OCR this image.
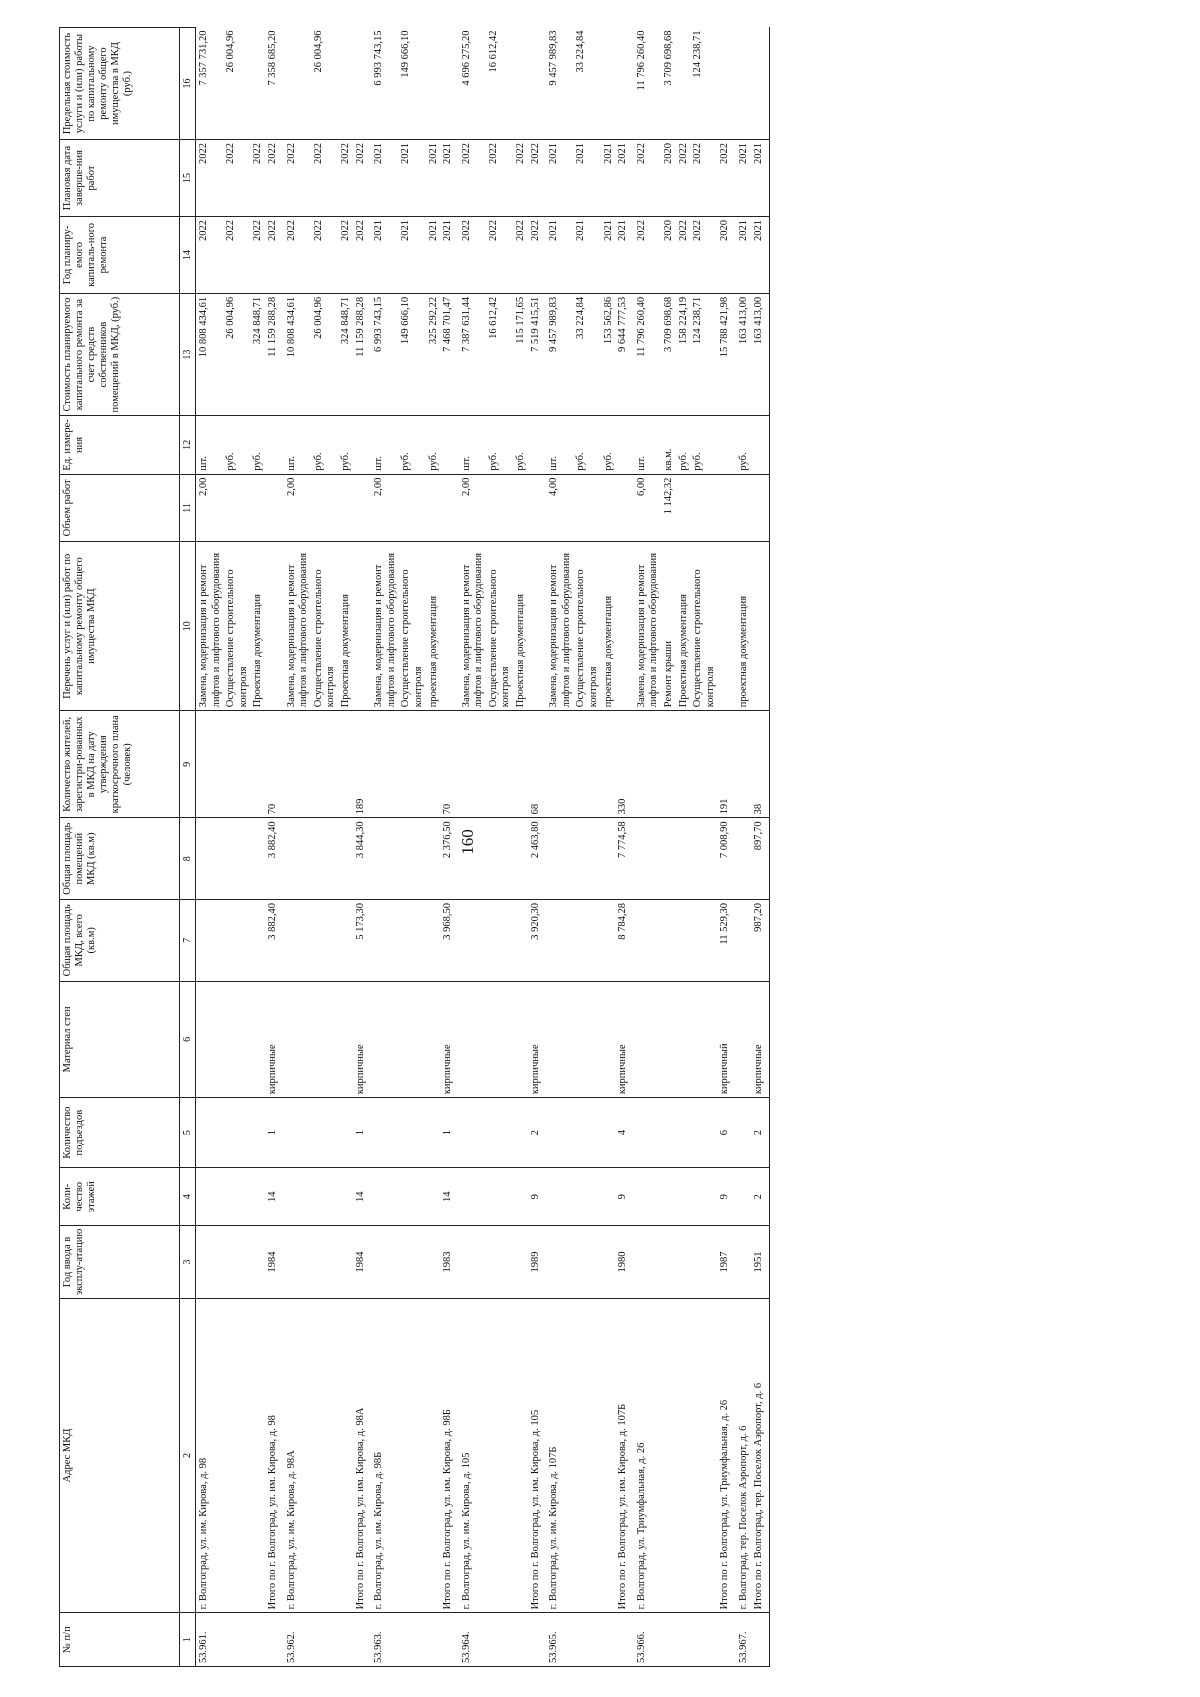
160
№ п/п	Адрес МКД	Год ввода в эксплу-атацию	Коли-чество этажей	Количество подъездов	Материал стен	Общая площадь МКД, всего (кв.м)	Общая площадь помещений МКД (кв.м)	Количество жителей, зарегистри-рованных в МКД на дату утверждения краткосрочного плана (человек)	Перечень услуг и (или) работ по капитальному ремонту общего имущества МКД	Объем работ	Ед. измере-ния	Стоимость планируемого капитального ремонта за счет средств собственников помещений в МКД, (руб.)	Год планиру-емого капиталь-ного ремонта	Плановая дата заверше-ния работ	Предельная стоимость услуги и (или) работы по капитальному ремонту общего имущества в МКД (руб.)
1	2	3	4	5	6	7	8	9	10	11	12	13	14	15	16
53.961.	г. Волгоград, ул. им. Кирова, д. 98								Замена, модернизация и ремонт лифтов и лифтового оборудования	2,00	шт.	10 808 434,61	2022	2022	7 357 731,20
									Осуществление строительного контроля		руб.	26 004,96	2022	2022	26 004,96
									Проектная документация		руб.	324 848,71	2022	2022	
	Итого по г. Волгоград, ул. им. Кирова, д. 98	1984	14	1	кирпичные	3 882,40	3 882,40	70				11 159 288,28	2022	2022	7 358 685,20
53.962.	г. Волгоград, ул. им. Кирова, д. 98А								Замена, модернизация и ремонт лифтов и лифтового оборудования	2,00	шт.	10 808 434,61	2022	2022	
									Осуществление строительного контроля		руб.	26 004,96	2022	2022	26 004,96
									Проектная документация		руб.	324 848,71	2022	2022	
	Итого по г. Волгоград, ул. им. Кирова, д. 98А	1984	14	1	кирпичные	5 173,30	3 844,30	189				11 159 288,28	2022	2022	
53.963.	г. Волгоград, ул. им. Кирова, д. 98Б								Замена, модернизация и ремонт лифтов и лифтового оборудования	2,00	шт.	6 993 743,15	2021	2021	6 993 743,15
									Осуществление строительного контроля		руб.	149 666,10	2021	2021	149 666,10
									проектная документация		руб.	325 292,22	2021	2021	
	Итого по г. Волгоград, ул. им. Кирова, д. 98Б	1983	14	1	кирпичные	3 968,50	2 376,50	70				7 468 701,47	2021	2021	
53.964.	г. Волгоград, ул. им. Кирова, д. 105								Замена, модернизация и ремонт лифтов и лифтового оборудования	2,00	шт.	7 387 631,44	2022	2022	4 696 275,20
									Осуществление строительного контроля		руб.	16 612,42	2022	2022	16 612,42
									Проектная документация		руб.	115 171,65	2022	2022	
	Итого по г. Волгоград, ул. им. Кирова, д. 105	1989	9	2	кирпичные	3 920,30	2 463,80	68				7 519 415,51	2022	2022	
53.965.	г. Волгоград, ул. им. Кирова, д. 107Б								Замена, модернизация и ремонт лифтов и лифтового оборудования	4,00	шт.	9 457 989,83	2021	2021	9 457 989,83
									Осуществление строительного контроля		руб.	33 224,84	2021	2021	33 224,84
									проектная документация		руб.	153 562,86	2021	2021	
	Итого по г. Волгоград, ул. им. Кирова, д. 107Б	1980	9	4	кирпичные	8 784,28	7 774,58	330				9 644 777,53	2021	2021	
53.966.	г. Волгоград, ул. Триумфальная, д. 26								Замена, модернизация и ремонт лифтов и лифтового оборудования	6,00	шт.	11 796 260,40	2022	2022	11 796 260,40
									Ремонт крыши	1 142,32	кв.м.	3 709 698,68	2020	2020	3 709 698,68
									Проектная документация		руб.	158 224,19	2022	2022	
									Осуществление строительного контроля		руб.	124 238,71	2022	2022	124 238,71
	Итого по г. Волгоград, ул. Триумфальная, д. 26	1987	9	6	кирпичный	11 529,30	7 008,90	191				15 788 421,98	2020	2022	
53.967.	г. Волгоград, тер. Поселок Аэропорт, д. 6								проектная документация		руб.	163 413,00	2021	2021	
	Итого по г. Волгоград, тер. Поселок Аэропорт, д. 6	1951	2	2	кирпичные	987,20	897,70	38				163 413,00	2021	2021	
